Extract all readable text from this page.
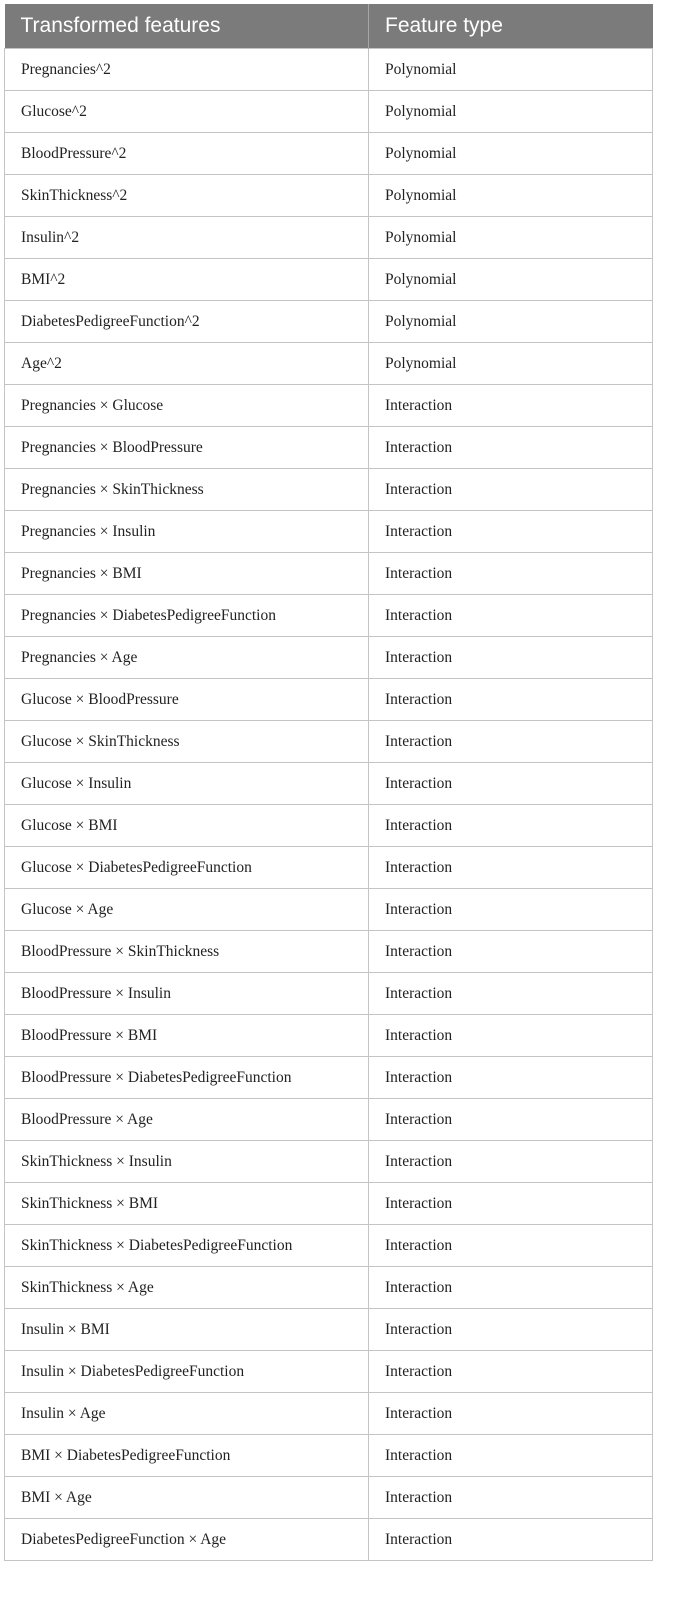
Transformed features	Feature type
Pregnancies^2	Polynomial
Glucose^2	Polynomial
BloodPressure^2	Polynomial
SkinThickness^2	Polynomial
Insulin^2	Polynomial
BMI^2	Polynomial
DiabetesPedigreeFunction^2	Polynomial
Age^2	Polynomial
Pregnancies × Glucose	Interaction
Pregnancies × BloodPressure	Interaction
Pregnancies × SkinThickness	Interaction
Pregnancies × Insulin	Interaction
Pregnancies × BMI	Interaction
Pregnancies × DiabetesPedigreeFunction	Interaction
Pregnancies × Age	Interaction
Glucose × BloodPressure	Interaction
Glucose × SkinThickness	Interaction
Glucose × Insulin	Interaction
Glucose × BMI	Interaction
Glucose × DiabetesPedigreeFunction	Interaction
Glucose × Age	Interaction
BloodPressure × SkinThickness	Interaction
BloodPressure × Insulin	Interaction
BloodPressure × BMI	Interaction
BloodPressure × DiabetesPedigreeFunction	Interaction
BloodPressure × Age	Interaction
SkinThickness × Insulin	Interaction
SkinThickness × BMI	Interaction
SkinThickness × DiabetesPedigreeFunction	Interaction
SkinThickness × Age	Interaction
Insulin × BMI	Interaction
Insulin × DiabetesPedigreeFunction	Interaction
Insulin × Age	Interaction
BMI × DiabetesPedigreeFunction	Interaction
BMI × Age	Interaction
DiabetesPedigreeFunction × Age	Interaction
